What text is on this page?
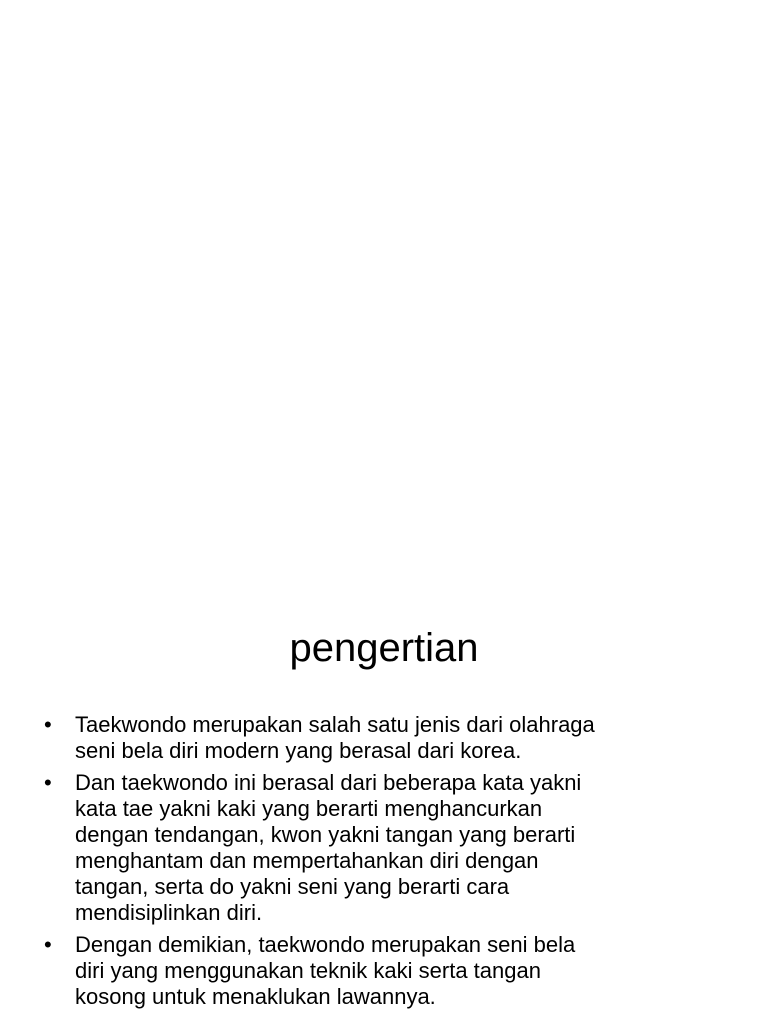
pengertian
•	Taekwondo merupakan salah satu jenis dari olahraga seni bela diri modern yang berasal dari korea.
•	Dan taekwondo ini berasal dari beberapa kata yakni kata tae yakni kaki yang berarti menghancurkan dengan tendangan, kwon yakni tangan yang berarti menghantam dan mempertahankan diri dengan tangan, serta do yakni seni yang berarti cara mendisiplinkan diri.
•	Dengan demikian, taekwondo merupakan seni bela diri yang menggunakan teknik kaki serta tangan kosong untuk menaklukan lawannya.
